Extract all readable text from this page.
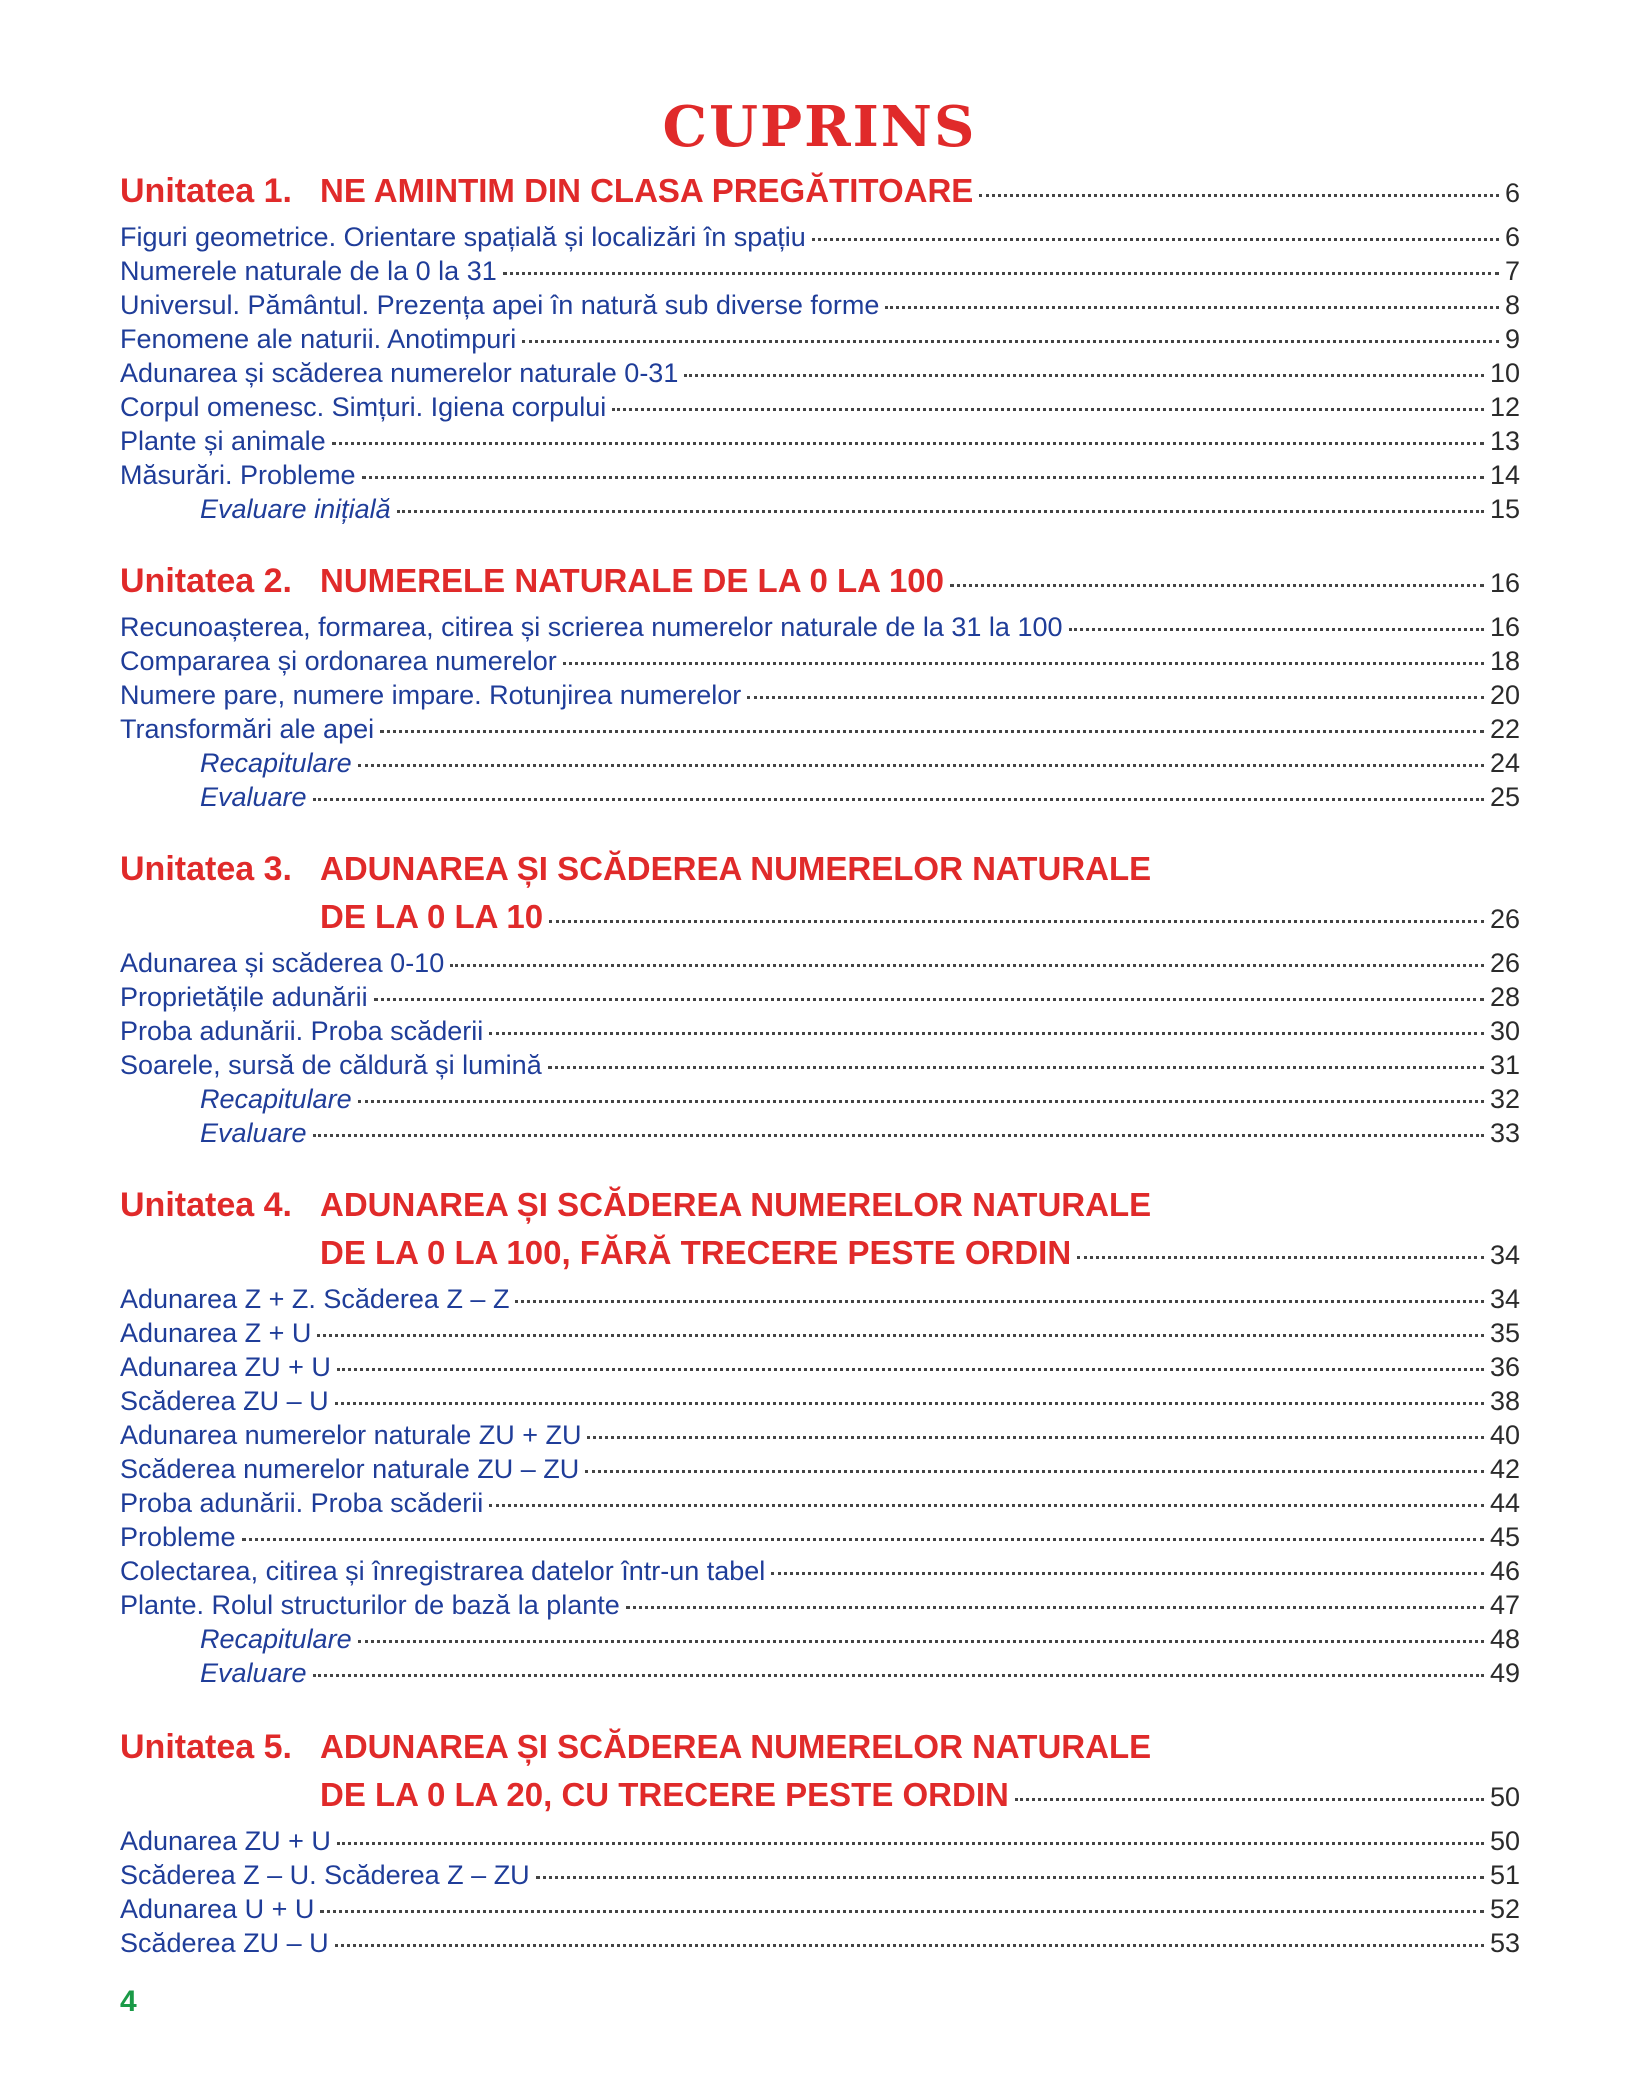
CUPRINS
Unitatea 1. NE AMINTIM DIN CLASA PREGĂTITOARE	6
Figuri geometrice. Orientare spațială și localizări în spațiu	6
Numerele naturale de la 0 la 31	7
Universul. Pământul. Prezența apei în natură sub diverse forme	8
Fenomene ale naturii. Anotimpuri	9
Adunarea și scăderea numerelor naturale 0-31	10
Corpul omenesc. Simțuri. Igiena corpului	12
Plante și animale	13
Măsurări. Probleme	14
Evaluare inițială	15
Unitatea 2. NUMERELE NATURALE DE LA 0 LA 100	16
Recunoașterea, formarea, citirea și scrierea numerelor naturale de la 31 la 100	16
Compararea și ordonarea numerelor	18
Numere pare, numere impare. Rotunjirea numerelor	20
Transformări ale apei	22
Recapitulare	24
Evaluare	25
Unitatea 3. ADUNAREA ȘI SCĂDEREA NUMERELOR NATURALE
DE LA 0 LA 10	26
Adunarea și scăderea 0-10	26
Proprietățile adunării	28
Proba adunării. Proba scăderii	30
Soarele, sursă de căldură și lumină	31
Recapitulare	32
Evaluare	33
Unitatea 4. ADUNAREA ȘI SCĂDEREA NUMERELOR NATURALE
DE LA 0 LA 100, FĂRĂ TRECERE PESTE ORDIN	34
Adunarea Z + Z. Scăderea Z – Z	34
Adunarea Z + U	35
Adunarea ZU + U	36
Scăderea ZU – U	38
Adunarea numerelor naturale ZU + ZU	40
Scăderea numerelor naturale ZU – ZU	42
Proba adunării. Proba scăderii	44
Probleme	45
Colectarea, citirea și înregistrarea datelor într-un tabel	46
Plante. Rolul structurilor de bază la plante	47
Recapitulare	48
Evaluare	49
Unitatea 5. ADUNAREA ȘI SCĂDEREA NUMERELOR NATURALE
DE LA 0 LA 20, CU TRECERE PESTE ORDIN	50
Adunarea ZU + U	50
Scăderea Z – U. Scăderea Z – ZU	51
Adunarea U + U	52
Scăderea ZU – U	53
4
